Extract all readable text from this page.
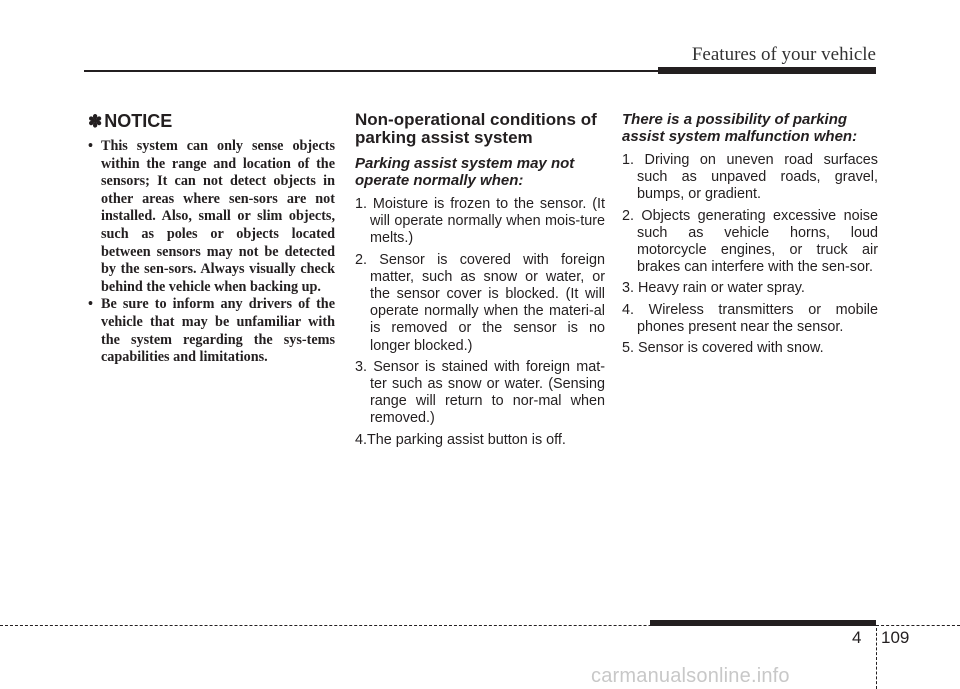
Features of your vehicle
✽ NOTICE
• This system can only sense objects within the range and location of the sensors; It can not detect objects in other areas where sen-sors are not installed. Also, small or slim objects, such as poles or objects located between sensors may not be detected by the sen-sors. Always visually check behind the vehicle when backing up.
• Be sure to inform any drivers of the vehicle that may be unfamiliar with the system regarding the sys-tems capabilities and limitations.
Non-operational conditions of parking assist system
Parking assist system may not operate normally when:
1. Moisture is frozen to the sensor. (It will operate normally when mois-ture melts.)
2. Sensor is covered with foreign matter, such as snow or water, or the sensor cover is blocked. (It will operate normally when the materi-al is removed or the sensor is no longer blocked.)
3. Sensor is stained with foreign mat-ter such as snow or water. (Sensing range will return to nor-mal when removed.)
4.The parking assist button is off.
There is a possibility of parking assist system malfunction when:
1. Driving on uneven road surfaces such as unpaved roads, gravel, bumps, or gradient.
2. Objects generating excessive noise such as vehicle horns, loud motorcycle engines, or truck air brakes can interfere with the sen-sor.
3. Heavy rain or water spray.
4. Wireless transmitters or mobile phones present near the sensor.
5. Sensor is covered with snow.
4 109
carmanualsonline.info
